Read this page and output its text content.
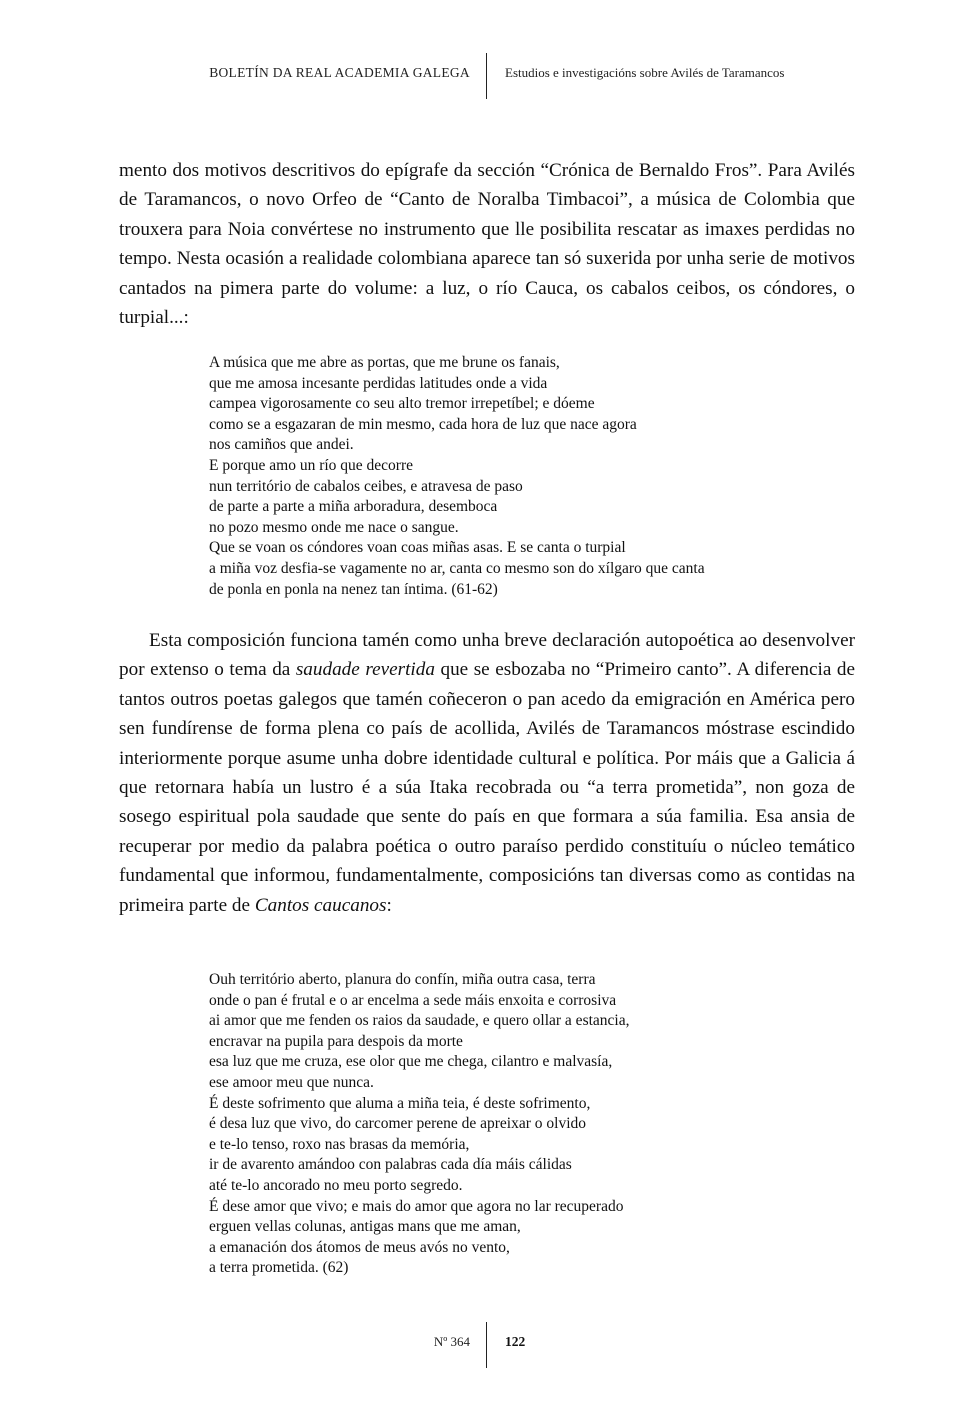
BOLETÍN DA REAL ACADEMIA GALEGA	Estudios e investigacións sobre Avilés de Taramancos

mento dos motivos descritivos do epígrafe da sección “Crónica de Bernaldo Fros”. Para Avilés de Taramancos, o novo Orfeo de “Canto de Noralba Timbacoi”, a música de Colombia que trouxera para Noia convértese no instrumento que lle posibilita rescatar as imaxes perdidas no tempo. Nesta ocasión a realidade colombiana aparece tan só suxerida por unha serie de motivos cantados na pimera parte do volume: a luz, o río Cauca, os cabalos ceibos, os cóndores, o turpial...:

A música que me abre as portas, que me brune os fanais,
que me amosa incesante perdidas latitudes onde a vida
campea vigorosamente co seu alto tremor irrepetíbel; e dóeme
como se a esgazaran de min mesmo, cada hora de luz que nace agora
nos camiños que andei.
E porque amo un río que decorre
nun território de cabalos ceibes, e atravesa de paso
de parte a parte a miña arboradura, desemboca
no pozo mesmo onde me nace o sangue.
Que se voan os cóndores voan coas miñas asas. E se canta o turpial
a miña voz desfia-se vagamente no ar, canta co mesmo son do xílgaro que canta
de ponla en ponla na nenez tan íntima. (61-62)

Esta composición funciona tamén como unha breve declaración autopoética ao desenvolver por extenso o tema da saudade revertida que se esbozaba no “Primeiro canto”. A diferencia de tantos outros poetas galegos que tamén coñeceron o pan acedo da emigración en América pero sen fundírense de forma plena co país de acollida, Avilés de Taramancos móstrase escindido interiormente porque asume unha dobre identidade cultural e política. Por máis que a Galicia á que retornara había un lustro é a súa Itaka recobrada ou “a terra prometida”, non goza de sosego espiritual pola saudade que sente do país en que formara a súa familia. Esa ansia de recuperar por medio da palabra poética o outro paraíso perdido constituíu o núcleo temático fundamental que informou, fundamentalmente, composicións tan diversas como as contidas na primeira parte de Cantos caucanos:

Ouh território aberto, planura do confín, miña outra casa, terra
onde o pan é frutal e o ar encelma a sede máis enxoita e corrosiva
ai amor que me fenden os raios da saudade, e quero ollar a estancia,
encravar na pupila para despois da morte
esa luz que me cruza, ese olor que me chega, cilantro e malvasía,
ese amoor meu que nunca.
É deste sofrimento que aluma a miña teia, é deste sofrimento,
é desa luz que vivo, do carcomer perene de apreixar o olvido
e te-lo tenso, roxo nas brasas da memória,
ir de avarento amándoo con palabras cada día máis cálidas
até te-lo ancorado no meu porto segredo.
É dese amor que vivo; e mais do amor que agora no lar recuperado
erguen vellas colunas, antigas mans que me aman,
a emanación dos átomos de meus avós no vento,
a terra prometida. (62)
Nº 364	122
